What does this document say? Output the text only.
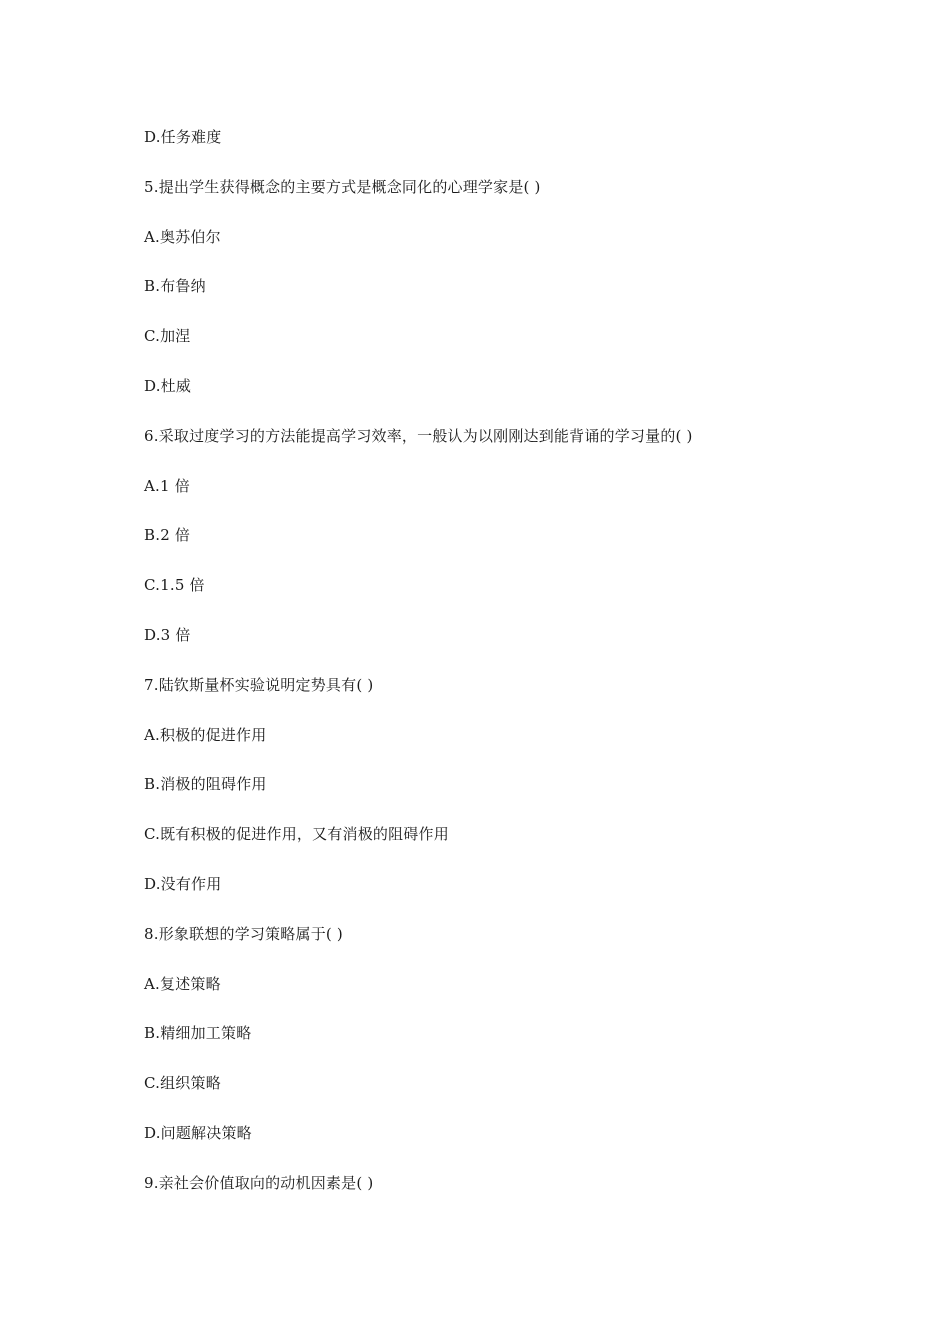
D.任务难度
5.提出学生获得概念的主要方式是概念同化的心理学家是( )
A.奥苏伯尔
B.布鲁纳
C.加涅
D.杜威
6.采取过度学习的方法能提高学习效率，一般认为以刚刚达到能背诵的学习量的( )
A.1 倍
B.2 倍
C.1.5 倍
D.3 倍
7.陆钦斯量杯实验说明定势具有( )
A.积极的促进作用
B.消极的阻碍作用
C.既有积极的促进作用，又有消极的阻碍作用
D.没有作用
8.形象联想的学习策略属于( )
A.复述策略
B.精细加工策略
C.组织策略
D.问题解决策略
9.亲社会价值取向的动机因素是( )
